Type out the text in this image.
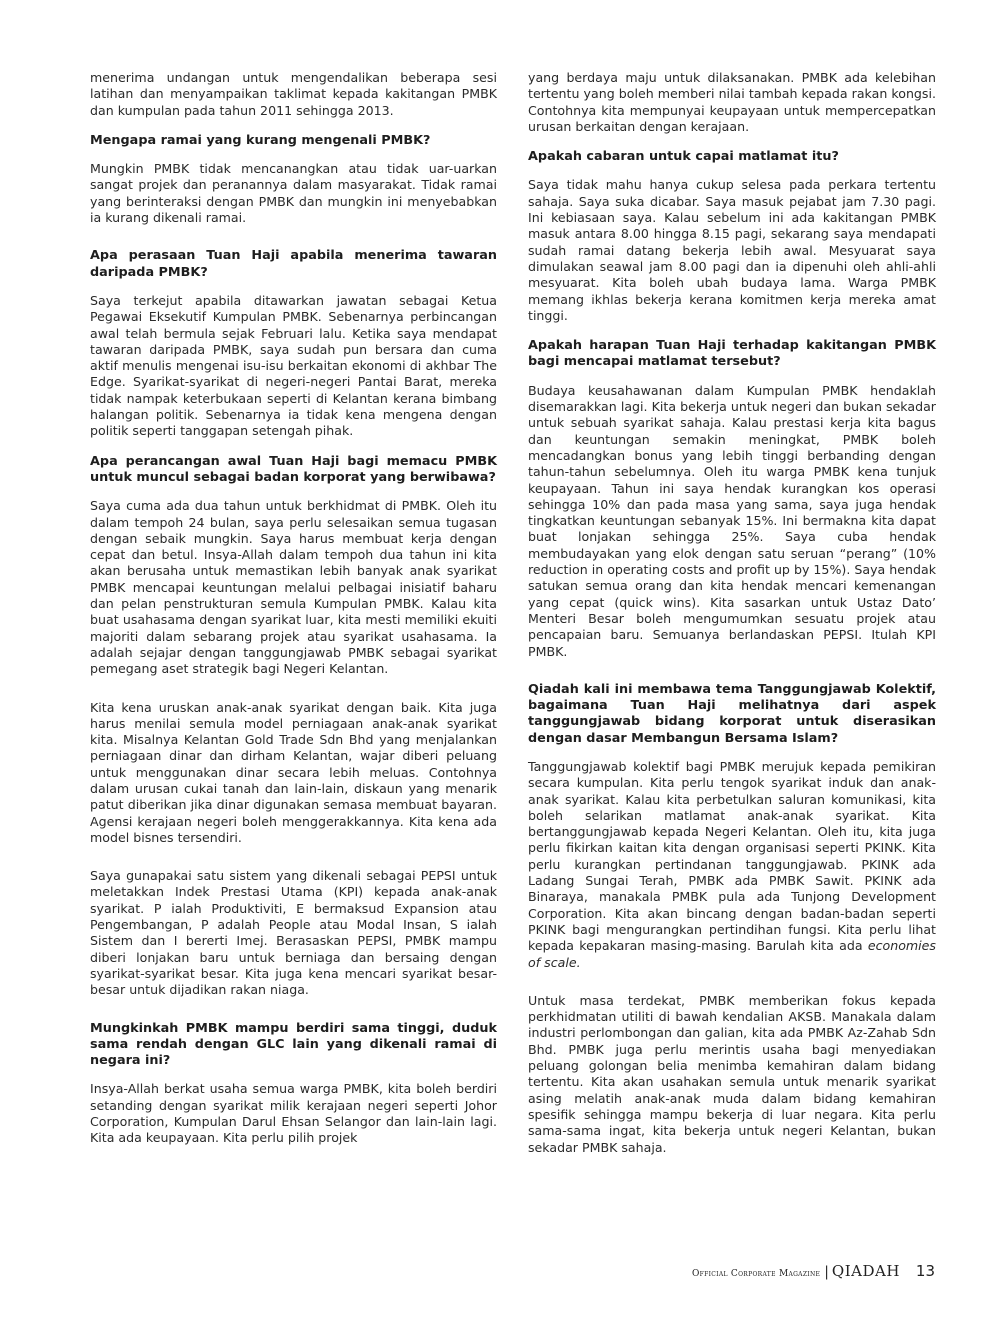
menerima undangan untuk mengendalikan beberapa sesi latihan dan menyampaikan taklimat kepada kakitangan PMBK dan kumpulan pada tahun 2011 sehingga 2013.

Mengapa ramai yang kurang mengenali PMBK?

Mungkin PMBK tidak mencanangkan atau tidak uar-uarkan sangat projek dan peranannya dalam masyarakat. Tidak ramai yang berinteraksi dengan PMBK dan mungkin ini menyebabkan ia kurang dikenali ramai.

Apa perasaan Tuan Haji apabila menerima tawaran daripada PMBK?

Saya terkejut apabila ditawarkan jawatan sebagai Ketua Pegawai Eksekutif Kumpulan PMBK. Sebenarnya perbincangan awal telah bermula sejak Februari lalu. Ketika saya mendapat tawaran daripada PMBK, saya sudah pun bersara dan cuma aktif menulis mengenai isu-isu berkaitan ekonomi di akhbar The Edge. Syarikat-syarikat di negeri-negeri Pantai Barat, mereka tidak nampak keterbukaan seperti di Kelantan kerana bimbang halangan politik. Sebenarnya ia tidak kena mengena dengan politik seperti tanggapan setengah pihak.

Apa perancangan awal Tuan Haji bagi memacu PMBK untuk muncul sebagai badan korporat yang berwibawa?

Saya cuma ada dua tahun untuk berkhidmat di PMBK. Oleh itu dalam tempoh 24 bulan, saya perlu selesaikan semua tugasan dengan sebaik mungkin. Saya harus membuat kerja dengan cepat dan betul. Insya-Allah dalam tempoh dua tahun ini kita akan berusaha untuk memastikan lebih banyak anak syarikat PMBK mencapai keuntungan melalui pelbagai inisiatif baharu dan pelan penstrukturan semula Kumpulan PMBK. Kalau kita buat usahasama dengan syarikat luar, kita mesti memiliki ekuiti majoriti dalam sebarang projek atau syarikat usahasama. Ia adalah sejajar dengan tanggungjawab PMBK sebagai syarikat pemegang aset strategik bagi Negeri Kelantan.

Kita kena uruskan anak-anak syarikat dengan baik. Kita juga harus menilai semula model perniagaan anak-anak syarikat kita. Misalnya Kelantan Gold Trade Sdn Bhd yang menjalankan perniagaan dinar dan dirham Kelantan, wajar diberi peluang untuk menggunakan dinar secara lebih meluas. Contohnya dalam urusan cukai tanah dan lain-lain, diskaun yang menarik patut diberikan jika dinar digunakan semasa membuat bayaran. Agensi kerajaan negeri boleh menggerakkannya. Kita kena ada model bisnes tersendiri.

Saya gunapakai satu sistem yang dikenali sebagai PEPSI untuk meletakkan Indek Prestasi Utama (KPI) kepada anak-anak syarikat. P ialah Produktiviti, E bermaksud Expansion atau Pengembangan, P adalah People atau Modal Insan, S ialah Sistem dan I bererti Imej. Berasaskan PEPSI, PMBK mampu diberi lonjakan baru untuk berniaga dan bersaing dengan syarikat-syarikat besar. Kita juga kena mencari syarikat besar-besar untuk dijadikan rakan niaga.

Mungkinkah PMBK mampu berdiri sama tinggi, duduk sama rendah dengan GLC lain yang dikenali ramai di negara ini?

Insya-Allah berkat usaha semua warga PMBK, kita boleh berdiri setanding dengan syarikat milik kerajaan negeri seperti Johor Corporation, Kumpulan Darul Ehsan Selangor dan lain-lain lagi. Kita ada keupayaan. Kita perlu pilih projek

yang berdaya maju untuk dilaksanakan. PMBK ada kelebihan tertentu yang boleh memberi nilai tambah kepada rakan kongsi. Contohnya kita mempunyai keupayaan untuk mempercepatkan urusan berkaitan dengan kerajaan.

Apakah cabaran untuk capai matlamat itu?

Saya tidak mahu hanya cukup selesa pada perkara tertentu sahaja. Saya suka dicabar. Saya masuk pejabat jam 7.30 pagi. Ini kebiasaan saya. Kalau sebelum ini ada kakitangan PMBK masuk antara 8.00 hingga 8.15 pagi, sekarang saya mendapati sudah ramai datang bekerja lebih awal. Mesyuarat saya dimulakan seawal jam 8.00 pagi dan ia dipenuhi oleh ahli-ahli mesyuarat. Kita boleh ubah budaya lama. Warga PMBK memang ikhlas bekerja kerana komitmen kerja mereka amat tinggi.

Apakah harapan Tuan Haji terhadap kakitangan PMBK bagi mencapai matlamat tersebut?

Budaya keusahawanan dalam Kumpulan PMBK hendaklah disemarakkan lagi. Kita bekerja untuk negeri dan bukan sekadar untuk sebuah syarikat sahaja. Kalau prestasi kerja kita bagus dan keuntungan semakin meningkat, PMBK boleh mencadangkan bonus yang lebih tinggi berbanding dengan tahun-tahun sebelumnya. Oleh itu warga PMBK kena tunjuk keupayaan. Tahun ini saya hendak kurangkan kos operasi sehingga 10% dan pada masa yang sama, saya juga hendak tingkatkan keuntungan sebanyak 15%. Ini bermakna kita dapat buat lonjakan sehingga 25%. Saya cuba hendak membudayakan yang elok dengan satu seruan “perang” (10% reduction in operating costs and profit up by 15%). Saya hendak satukan semua orang dan kita hendak mencari kemenangan yang cepat (quick wins). Kita sasarkan untuk Ustaz Dato’ Menteri Besar boleh mengumumkan sesuatu projek atau pencapaian baru. Semuanya berlandaskan PEPSI. Itulah KPI PMBK.

Qiadah kali ini membawa tema Tanggungjawab Kolektif, bagaimana Tuan Haji melihatnya dari aspek tanggungjawab bidang korporat untuk diserasikan dengan dasar Membangun Bersama Islam?

Tanggungjawab kolektif bagi PMBK merujuk kepada pemikiran secara kumpulan. Kita perlu tengok syarikat induk dan anak-anak syarikat. Kalau kita perbetulkan saluran komunikasi, kita boleh selarikan matlamat anak-anak syarikat. Kita bertanggungjawab kepada Negeri Kelantan. Oleh itu, kita juga perlu fikirkan kaitan kita dengan organisasi seperti PKINK. Kita perlu kurangkan pertindanan tanggungjawab. PKINK ada Ladang Sungai Terah, PMBK ada PMBK Sawit. PKINK ada Binaraya, manakala PMBK pula ada Tunjong Development Corporation. Kita akan bincang dengan badan-badan seperti PKINK bagi mengurangkan pertindihan fungsi. Kita perlu lihat kepada kepakaran masing-masing. Barulah kita ada economies of scale.

Untuk masa terdekat, PMBK memberikan fokus kepada perkhidmatan utiliti di bawah kendalian AKSB. Manakala dalam industri perlombongan dan galian, kita ada PMBK Az-Zahab Sdn Bhd. PMBK juga perlu merintis usaha bagi menyediakan peluang golongan belia menimba kemahiran dalam bidang tertentu. Kita akan usahakan semula untuk menarik syarikat asing melatih anak-anak muda dalam bidang kemahiran spesifik sehingga mampu bekerja di luar negara. Kita perlu sama-sama ingat, kita bekerja untuk negeri Kelantan, bukan sekadar PMBK sahaja.

Official Corporate Magazine | QIADAH 13
